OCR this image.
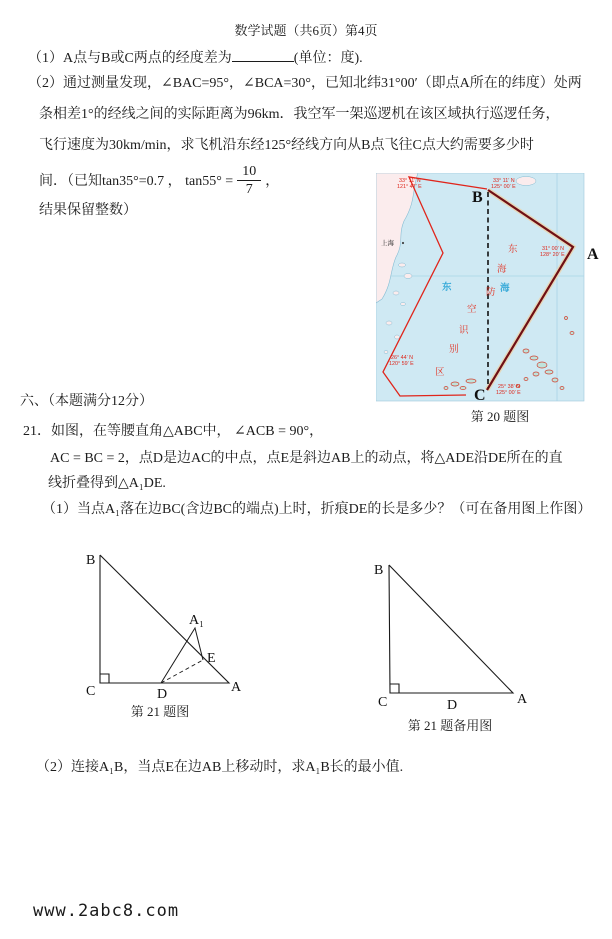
数学试题（共6页）第4页
（1）A点与B或C两点的经度差为	(单位：度).
（2）通过测量发现，∠BAC=95°，∠BCA=30°，已知北纬31°00′（即点A所在的纬度）处两
条相差1°的经线之间的实际距离为96km．我空军一架巡逻机在该区域执行巡逻任务，
飞行速度为30km/min，求飞机沿东经125°经线方向从B点飞往C点大约需要多少时
间．（已知tan35°=0.7 ， $\tan 55^\circ = \frac{10}{7}$ ，
结果保留整数）
33° 11′ N
121° 47′ E
33° 11′ N
125° 00′ E
31° 00′ N
128° 20′ E
26° 44′ N
120° 59′ E
25° 38′ N
125° 00′ E
上海
东	海
东
海
防
空
识
别
区
B
A
C
第 20 题图
六、（本题满分12分）
21．如图，在等腰直角△ABC中， ∠ACB = 90°，
AC = BC = 2，点D是边AC的中点，点E是斜边AB上的动点，将△ADE沿DE所在的直
线折叠得到△A₁DE.
（1）当点A₁落在边BC(含边BC的端点)上时，折痕DE的长是多少？（可在备用图上作图）
B
C	D	A
A₁
E
第 21 题图
B
C	D	A
第 21 题备用图
（2）连接A₁B，当点E在边AB上移动时，求A₁B长的最小值.
www.2abc8.com
